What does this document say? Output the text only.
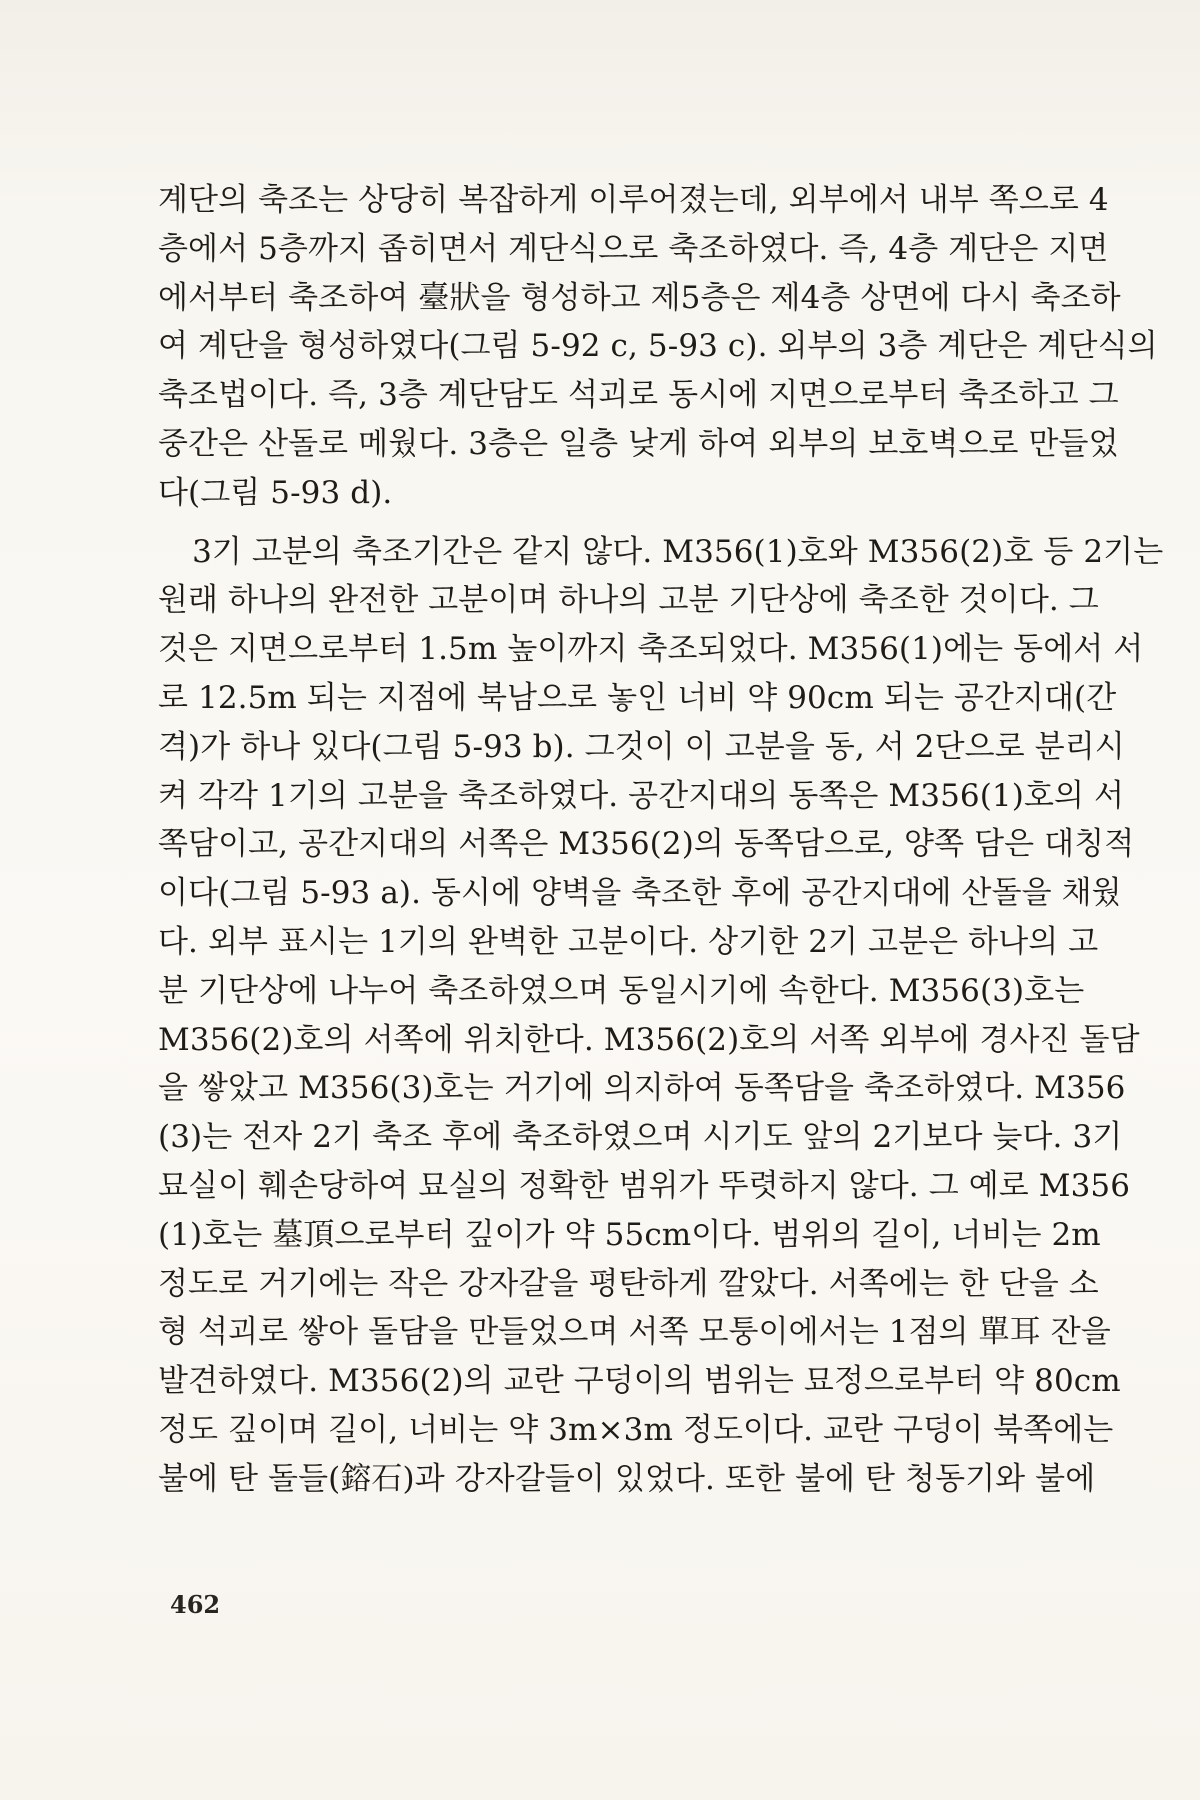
계단의 축조는 상당히 복잡하게 이루어졌는데, 외부에서 내부 쪽으로 4
층에서 5층까지 좁히면서 계단식으로 축조하였다. 즉, 4층 계단은 지면
에서부터 축조하여 臺狀을 형성하고 제5층은 제4층 상면에 다시 축조하
여 계단을 형성하였다(그림 5-92 c, 5-93 c). 외부의 3층 계단은 계단식의
축조법이다. 즉, 3층 계단담도 석괴로 동시에 지면으로부터 축조하고 그
중간은 산돌로 메웠다. 3층은 일층 낮게 하여 외부의 보호벽으로 만들었
다(그림 5-93 d).
3기 고분의 축조기간은 같지 않다. M356(1)호와 M356(2)호 등 2기는
원래 하나의 완전한 고분이며 하나의 고분 기단상에 축조한 것이다. 그
것은 지면으로부터 1.5m 높이까지 축조되었다. M356(1)에는 동에서 서
로 12.5m 되는 지점에 북남으로 놓인 너비 약 90cm 되는 공간지대(간
격)가 하나 있다(그림 5-93 b). 그것이 이 고분을 동, 서 2단으로 분리시
켜 각각 1기의 고분을 축조하였다. 공간지대의 동쪽은 M356(1)호의 서
쪽담이고, 공간지대의 서쪽은 M356(2)의 동쪽담으로, 양쪽 담은 대칭적
이다(그림 5-93 a). 동시에 양벽을 축조한 후에 공간지대에 산돌을 채웠
다. 외부 표시는 1기의 완벽한 고분이다. 상기한 2기 고분은 하나의 고
분 기단상에 나누어 축조하였으며 동일시기에 속한다. M356(3)호는
M356(2)호의 서쪽에 위치한다. M356(2)호의 서쪽 외부에 경사진 돌담
을 쌓았고 M356(3)호는 거기에 의지하여 동쪽담을 축조하였다. M356
(3)는 전자 2기 축조 후에 축조하였으며 시기도 앞의 2기보다 늦다. 3기
묘실이 훼손당하여 묘실의 정확한 범위가 뚜렷하지 않다. 그 예로 M356
(1)호는 墓頂으로부터 깊이가 약 55cm이다. 범위의 길이, 너비는 2m
정도로 거기에는 작은 강자갈을 평탄하게 깔았다. 서쪽에는 한 단을 소
형 석괴로 쌓아 돌담을 만들었으며 서쪽 모퉁이에서는 1점의 單耳 잔을
발견하였다. M356(2)의 교란 구덩이의 범위는 묘정으로부터 약 80cm
정도 깊이며 길이, 너비는 약 3m×3m 정도이다. 교란 구덩이 북쪽에는
불에 탄 돌들(鎔石)과 강자갈들이 있었다. 또한 불에 탄 청동기와 불에
462
